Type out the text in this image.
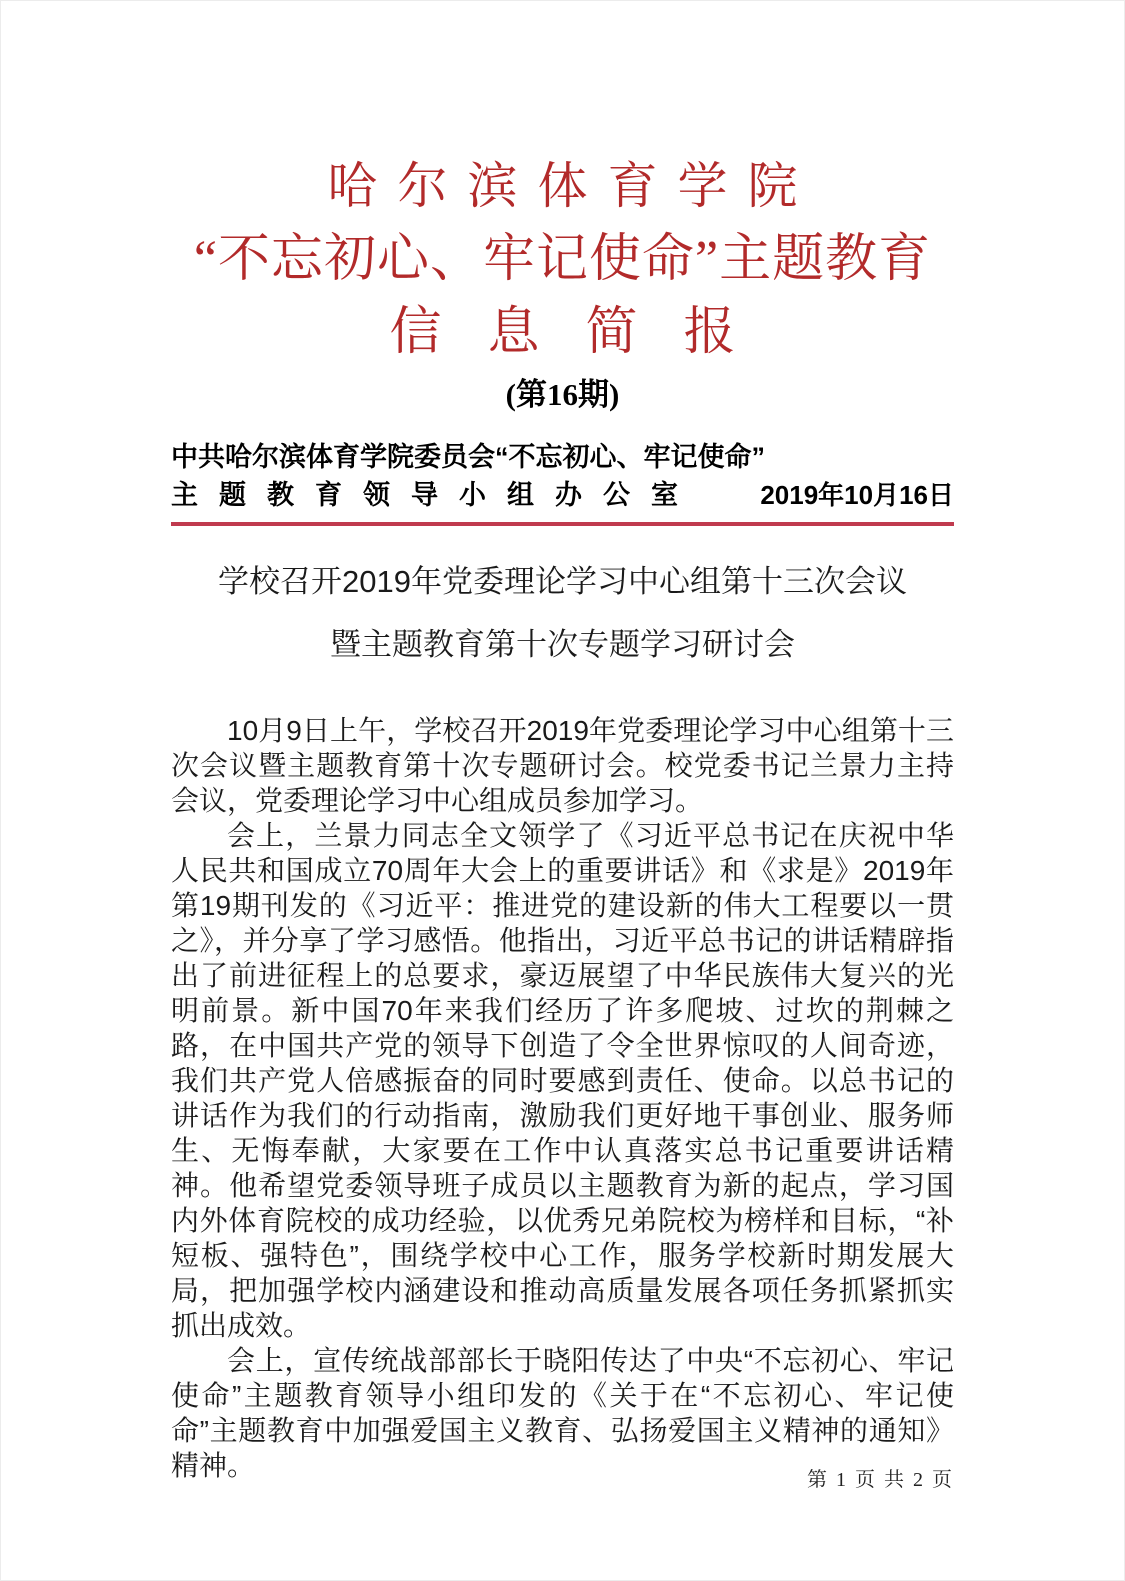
哈尔滨体育学院
“不忘初心、牢记使命”主题教育
信息简报
(第16期)
中共哈尔滨体育学院委员会“不忘初心、牢记使命”
主题教育领导小组办公室 2019年10月16日

学校召开2019年党委理论学习中心组第十三次会议

暨主题教育第十次专题学习研讨会

10月9日上午，学校召开2019年党委理论学习中心组第十三次会议暨主题教育第十次专题研讨会。校党委书记兰景力主持会议，党委理论学习中心组成员参加学习。

会上，兰景力同志全文领学了《习近平总书记在庆祝中华人民共和国成立70周年大会上的重要讲话》和《求是》2019年第19期刊发的《习近平：推进党的建设新的伟大工程要以一贯之》，并分享了学习感悟。他指出，习近平总书记的讲话精辟指出了前进征程上的总要求，豪迈展望了中华民族伟大复兴的光明前景。新中国70年来我们经历了许多爬坡、过坎的荆棘之路，在中国共产党的领导下创造了令全世界惊叹的人间奇迹，我们共产党人倍感振奋的同时要感到责任、使命。以总书记的讲话作为我们的行动指南，激励我们更好地干事创业、服务师生、无悔奉献，大家要在工作中认真落实总书记重要讲话精神。他希望党委领导班子成员以主题教育为新的起点，学习国内外体育院校的成功经验，以优秀兄弟院校为榜样和目标，“补短板、强特色”，围绕学校中心工作，服务学校新时期发展大局，把加强学校内涵建设和推动高质量发展各项任务抓紧抓实抓出成效。

会上，宣传统战部部长于晓阳传达了中央“不忘初心、牢记使命”主题教育领导小组印发的《关于在“不忘初心、牢记使命”主题教育中加强爱国主义教育、弘扬爱国主义精神的通知》精神。	第 1 页 共 2 页
